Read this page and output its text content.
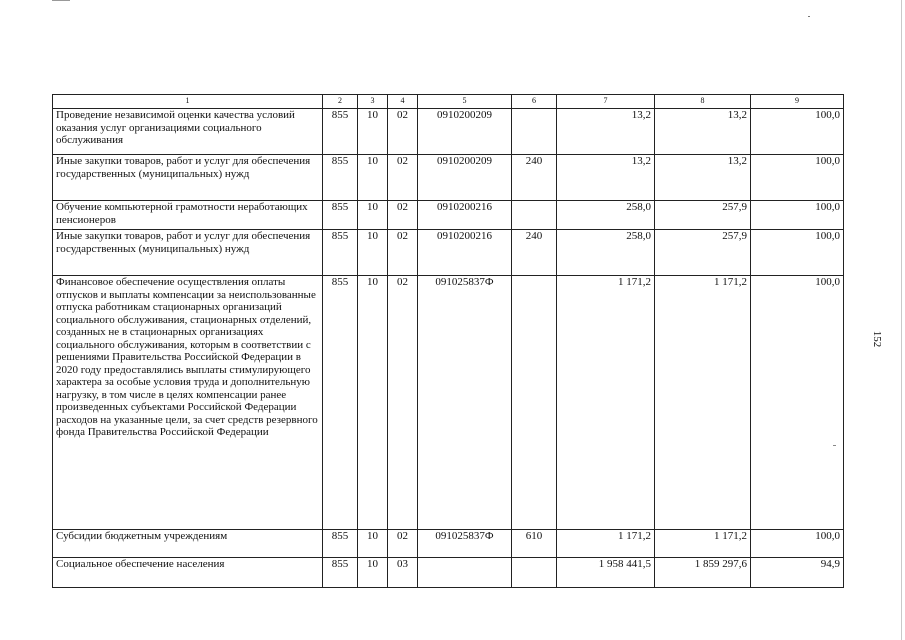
152
1	2	3	4	5	6	7	8	9
Проведение независимой оценки качества условий оказания услуг организациями социального обслуживания	855	10	02	0910200209		13,2	13,2	100,0
Иные закупки товаров, работ и услуг для обеспечения государственных (муниципальных) нужд	855	10	02	0910200209	240	13,2	13,2	100,0
Обучение компьютерной грамотности неработающих пенсионеров	855	10	02	0910200216		258,0	257,9	100,0
Иные закупки товаров, работ и услуг для обеспечения государственных (муниципальных) нужд	855	10	02	0910200216	240	258,0	257,9	100,0
Финансовое обеспечение осуществления оплаты отпусков и выплаты компенсации за неиспользованные отпуска работникам стационарных организаций социального обслуживания, стационарных отделений, созданных не в стационарных организациях социального обслуживания, которым в соответствии с решениями Правительства Российской Федерации в 2020 году предоставлялись выплаты стимулирующего характера за особые условия труда и дополнительную нагрузку, в том числе в целях компенсации ранее произведенных субъектами Российской Федерации расходов на указанные цели, за счет средств резервного фонда Правительства Российской Федерации	855	10	02	091025837Ф		1 171,2	1 171,2	100,0
Субсидии бюджетным учреждениям	855	10	02	091025837Ф	610	1 171,2	1 171,2	100,0
Социальное обеспечение населения	855	10	03			1 958 441,5	1 859 297,6	94,9
